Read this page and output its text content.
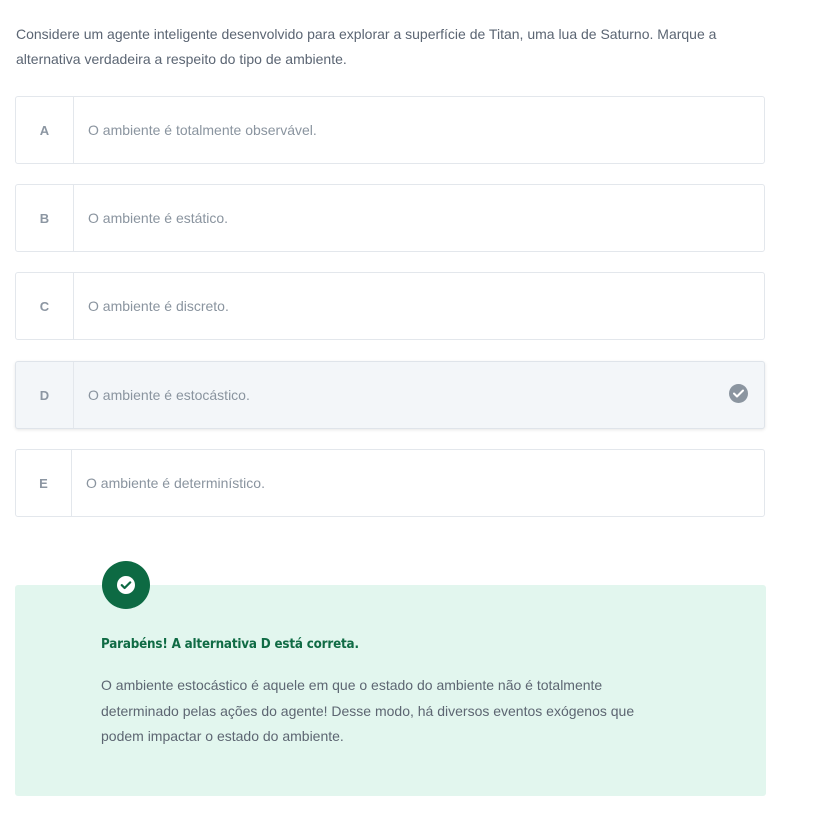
Considere um agente inteligente desenvolvido para explorar a superfície de Titan, uma lua de Saturno. Marque a alternativa verdadeira a respeito do tipo de ambiente.

A	O ambiente é totalmente observável.
B	O ambiente é estático.
C	O ambiente é discreto.
D	O ambiente é estocástico.
E	O ambiente é determinístico.
Parabéns! A alternativa D está correta.

O ambiente estocástico é aquele em que o estado do ambiente não é totalmente determinado pelas ações do agente! Desse modo, há diversos eventos exógenos que podem impactar o estado do ambiente.
